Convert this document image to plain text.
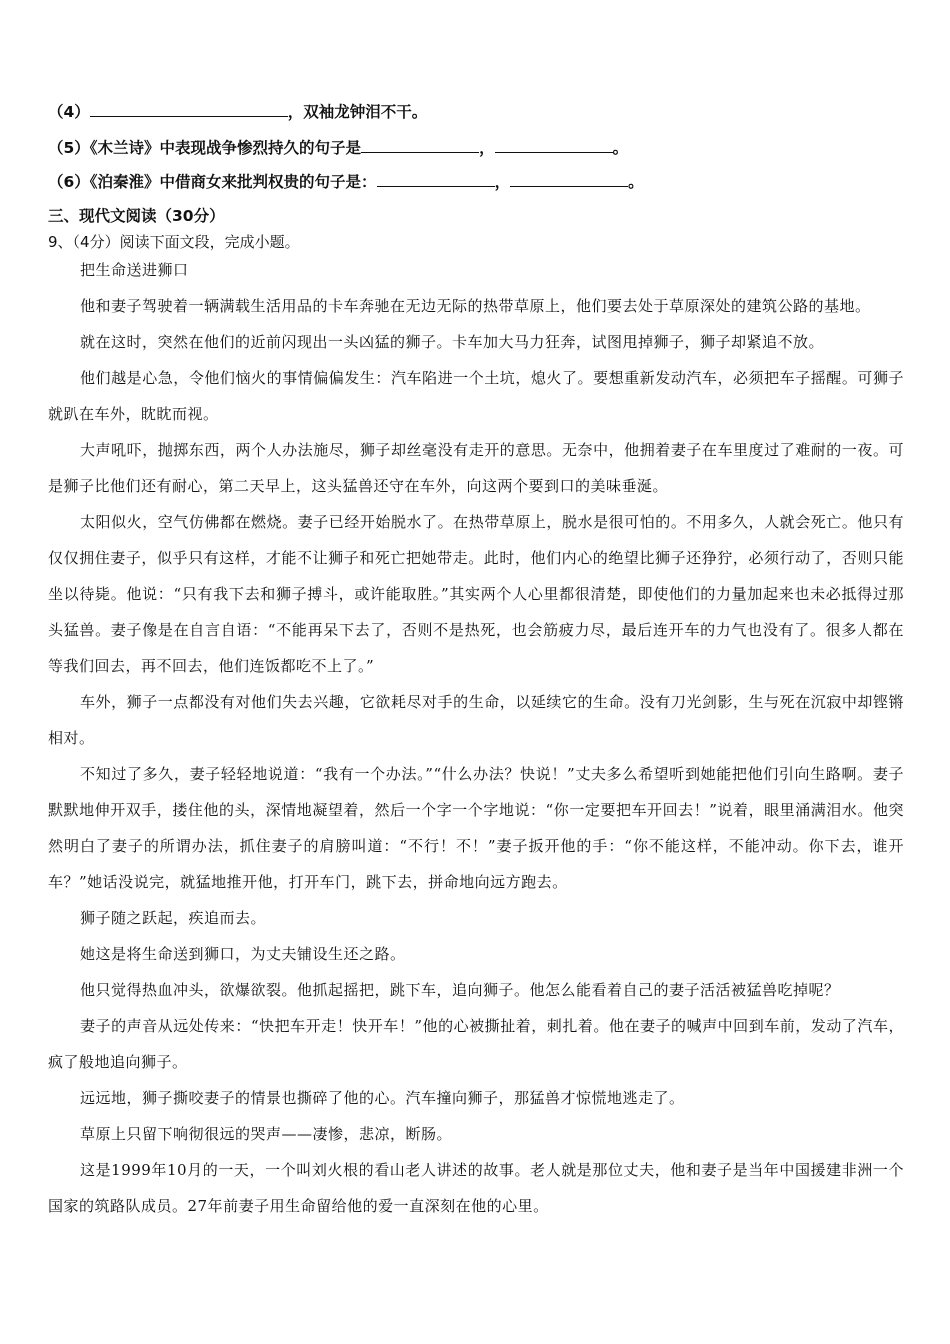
（4）	，双袖龙钟泪不干。
（5）《木兰诗》中表现战争惨烈持久的句子是	，	。
（6）《泊秦淮》中借商女来批判权贵的句子是：	，	。
三、现代文阅读（30分）
9、（4分）阅读下面文段，完成小题。

把生命送进狮口

他和妻子驾驶着一辆满载生活用品的卡车奔驰在无边无际的热带草原上，他们要去处于草原深处的建筑公路的基地。

就在这时，突然在他们的近前闪现出一头凶猛的狮子。卡车加大马力狂奔，试图甩掉狮子，狮子却紧追不放。

他们越是心急，令他们恼火的事情偏偏发生：汽车陷进一个土坑，熄火了。要想重新发动汽车，必须把车子摇醒。可狮子就趴在车外，眈眈而视。

大声吼吓，抛掷东西，两个人办法施尽，狮子却丝毫没有走开的意思。无奈中，他拥着妻子在车里度过了难耐的一夜。可是狮子比他们还有耐心，第二天早上，这头猛兽还守在车外，向这两个要到口的美味垂涎。

太阳似火，空气仿佛都在燃烧。妻子已经开始脱水了。在热带草原上，脱水是很可怕的。不用多久，人就会死亡。他只有仅仅拥住妻子，似乎只有这样，才能不让狮子和死亡把她带走。此时，他们内心的绝望比狮子还狰狞，必须行动了，否则只能坐以待毙。他说：“只有我下去和狮子搏斗，或许能取胜。”其实两个人心里都很清楚，即使他们的力量加起来也未必抵得过那头猛兽。妻子像是在自言自语：“不能再呆下去了，否则不是热死，也会筋疲力尽，最后连开车的力气也没有了。很多人都在等我们回去，再不回去，他们连饭都吃不上了。”

车外，狮子一点都没有对他们失去兴趣，它欲耗尽对手的生命，以延续它的生命。没有刀光剑影，生与死在沉寂中却铿锵相对。

不知过了多久，妻子轻轻地说道：“我有一个办法。”“什么办法？快说！”丈夫多么希望听到她能把他们引向生路啊。妻子默默地伸开双手，搂住他的头，深情地凝望着，然后一个字一个字地说：“你一定要把车开回去！”说着，眼里涌满泪水。他突然明白了妻子的所谓办法，抓住妻子的肩膀叫道：“不行！不！”妻子扳开他的手：“你不能这样，不能冲动。你下去，谁开车？”她话没说完，就猛地推开他，打开车门，跳下去，拼命地向远方跑去。

狮子随之跃起，疾追而去。

她这是将生命送到狮口，为丈夫铺设生还之路。

他只觉得热血冲头，欲爆欲裂。他抓起摇把，跳下车，追向狮子。他怎么能看着自己的妻子活活被猛兽吃掉呢？

妻子的声音从远处传来：“快把车开走！快开车！”他的心被撕扯着，刺扎着。他在妻子的喊声中回到车前，发动了汽车，疯了般地追向狮子。

远远地，狮子撕咬妻子的情景也撕碎了他的心。汽车撞向狮子，那猛兽才惊慌地逃走了。

草原上只留下响彻很远的哭声——凄惨，悲凉，断肠。

这是1999年10月的一天，一个叫刘火根的看山老人讲述的故事。老人就是那位丈夫，他和妻子是当年中国援建非洲一个国家的筑路队成员。27年前妻子用生命留给他的爱一直深刻在他的心里。
